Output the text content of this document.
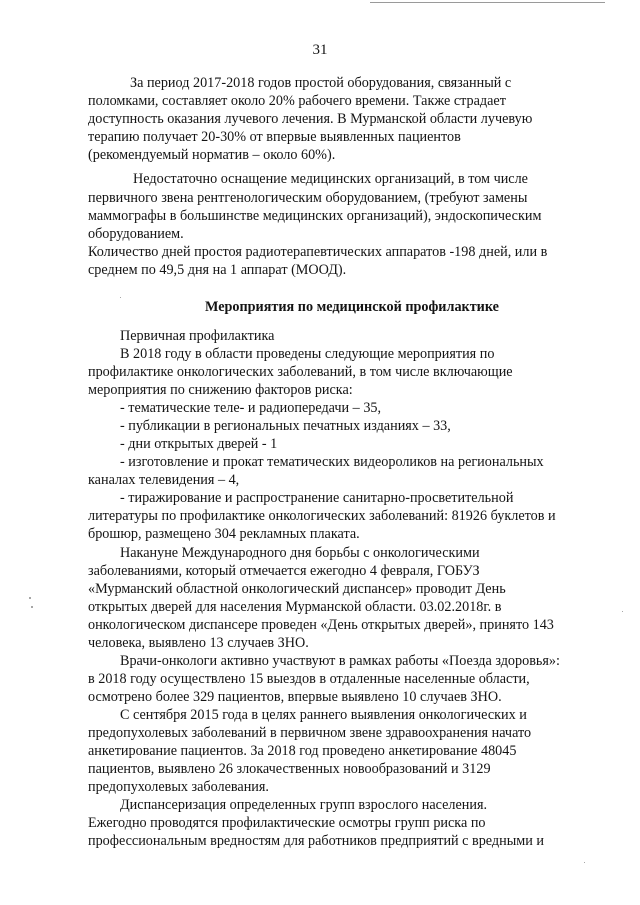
31

За период 2017-2018 годов простой оборудования, связанный с

поломками, составляет около 20% рабочего времени. Также страдает

доступность оказания лучевого лечения. В Мурманской области лучевую

терапию получает 20-30% от впервые выявленных пациентов

(рекомендуемый норматив – около 60%).

Недостаточно оснащение медицинских организаций, в том числе

первичного звена рентгенологическим оборудованием, (требуют замены

маммографы в большинстве медицинских организаций), эндоскопическим

оборудованием.

Количество дней простоя радиотерапевтических аппаратов -198 дней, или в

среднем по 49,5 дня на 1 аппарат (МООД).

Мероприятия по медицинской профилактике

Первичная профилактика

В 2018 году в области проведены следующие мероприятия по

профилактике онкологических заболеваний, в том числе включающие

мероприятия по снижению факторов риска:

- тематические теле- и радиопередачи – 35,

- публикации в региональных печатных изданиях – 33,

- дни открытых дверей - 1

- изготовление и прокат тематических видеороликов на региональных

каналах телевидения – 4,

- тиражирование и распространение санитарно-просветительной

литературы по профилактике онкологических заболеваний: 81926 буклетов и

брошюр, размещено 304 рекламных плаката.

Накануне Международного дня борьбы с онкологическими

заболеваниями, который отмечается ежегодно 4 февраля, ГОБУЗ

«Мурманский областной онкологический диспансер» проводит День

открытых дверей для населения Мурманской области. 03.02.2018г. в

онкологическом диспансере проведен «День открытых дверей», принято 143

человека, выявлено 13 случаев ЗНО.

Врачи-онкологи активно участвуют в рамках работы «Поезда здоровья»:

в 2018 году осуществлено 15 выездов в отдаленные населенные области,

осмотрено более 329 пациентов, впервые выявлено 10 случаев ЗНО.

С сентября 2015 года в целях раннего выявления онкологических и

предопухолевых заболеваний в первичном звене здравоохранения начато

анкетирование пациентов. За 2018 год проведено анкетирование 48045

пациентов, выявлено 26 злокачественных новообразований и 3129

предопухолевых заболевания.

Диспансеризация определенных групп взрослого населения.

Ежегодно проводятся профилактические осмотры групп риска по

профессиональным вредностям для работников предприятий с вредными и
